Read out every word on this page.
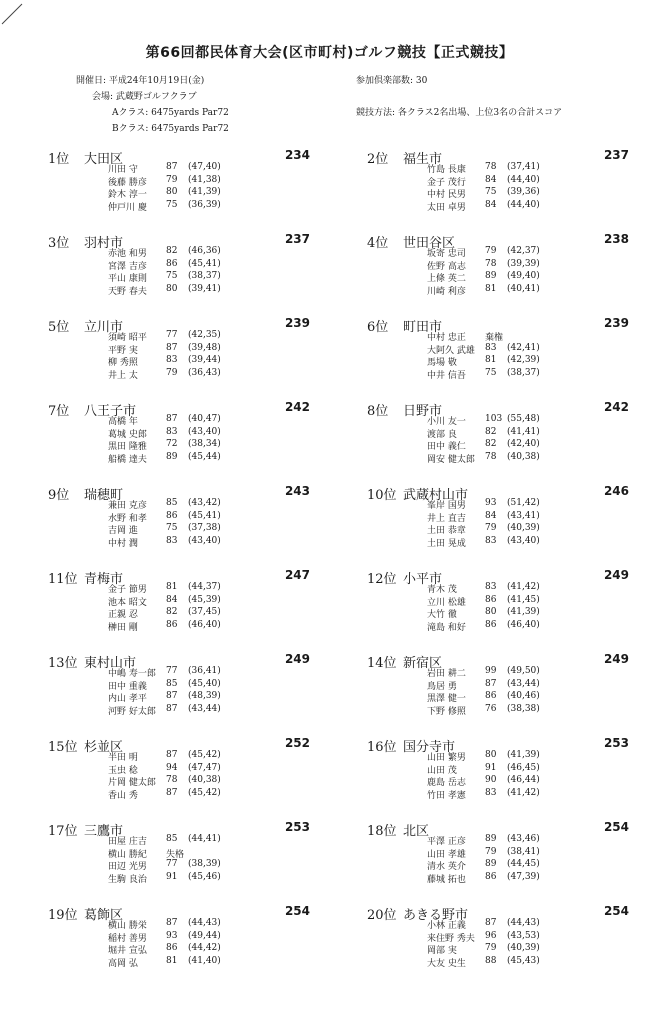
第66回都民体育大会(区市町村)ゴルフ競技【正式競技】
開催日: 平成24年10月19日(金)
会場: 武蔵野ゴルフクラブ
Aクラス: 6475yards Par72
Bクラス: 6475yards Par72
参加倶楽部数: 30
競技方法: 各クラス2名出場、上位3名の合計スコア
1位 大田区	234
川田 守	87 (47,40)
後藤 勝彦 79 (41,38)
鈴木 淳一 80 (41,39)
仲戸川 慶 75 (36,39)
2位 福生市	237
竹島 長康 78 (37,41)
金子 茂行 84 (44,40)
中村 民男 75 (39,36)
太田 卓男 84 (44,40)
3位 羽村市	237
赤池 和男 82 (46,36)
宮澤 吉彦 86 (45,41)
平山 康則 75 (38,37)
天野 春夫 80 (39,41)
4位 世田谷区	238
坂寄 忠司 79 (42,37)
佐野 高志 78 (39,39)
上條 英二 89 (49,40)
川崎 利彦 81 (40,41)
5位 立川市	239
須崎 昭平 77 (42,35)
平野 実	87 (39,48)
柳 秀照	83 (39,44)
井上 太	79 (36,43)
6位 町田市	239
中村 忠正 棄権
大阿久 武雄 83 (42,41)
馬場 敬	81 (42,39)
中井 信吾 75 (38,37)
7位 八王子市	242
高橋 年	87 (40,47)
葛城 史郎 83 (43,40)
黒田 隆雅 72 (38,34)
船橋 達夫 89 (45,44)
8位 日野市	242
小川 友一 103 (55,48)
渡部 良	82 (41,41)
田中 義仁 82 (42,40)
岡安 健太郎 78 (40,38)
9位 瑞穂町	243
兼田 克彦 85 (43,42)
水野 和孝 86 (45,41)
吉岡 進	75 (37,38)
中村 潤	83 (43,40)
10位 武蔵村山市	246
峯岸 国男 93 (51,42)
井上 直吉 84 (43,41)
土田 恭章 79 (40,39)
土田 晃成 83 (43,40)
11位 青梅市	247
金子 節男 81 (44,37)
池本 昭文 84 (45,39)
正親 忍	82 (37,45)
榊田 剛	86 (46,40)
12位 小平市	249
青木 茂	83 (41,42)
立川 松雄 86 (41,45)
大竹 徹	80 (41,39)
滝島 和好 86 (46,40)
13位 東村山市	249
中嶋 寿一郎 77 (36,41)
田中 重義 85 (45,40)
内山 孝平 87 (48,39)
河野 好太郎 87 (43,44)
14位 新宿区	249
岩田 耕二 99 (49,50)
鳥居 勇	87 (43,44)
黒澤 健一 86 (40,46)
下野 修照 76 (38,38)
15位 杉並区	252
半田 明	87 (45,42)
玉虫 稔	94 (47,47)
片岡 健太郎 78 (40,38)
香山 秀	87 (45,42)
16位 国分寺市	253
山田 繁男 80 (41,39)
山田 茂	91 (46,45)
鹿島 岳志 90 (46,44)
竹田 孝憲 83 (41,42)
17位 三鷹市	253
田屋 庄吉 85 (44,41)
横山 勝紀 失格
田辺 光男 77 (38,39)
生駒 良治 91 (45,46)
18位 北区	254
平澤 正彦 89 (43,46)
山田 孝雄 79 (38,41)
清水 英介 89 (44,45)
藤城 拓也 86 (47,39)
19位 葛飾区	254
横山 勝栄 87 (44,43)
稲村 善男 93 (49,44)
堀井 宣弘 86 (44,42)
高岡 弘	81 (41,40)
20位 あきる野市	254
小林 正義 87 (44,43)
来住野 秀夫 96 (43,53)
岡部 実	79 (40,39)
大友 史生 88 (45,43)
